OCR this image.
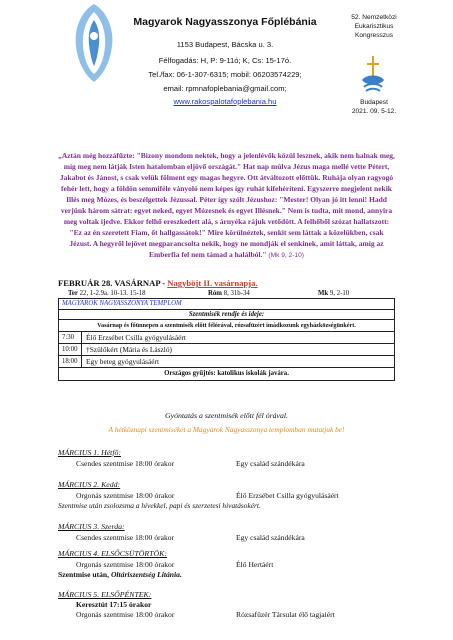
Magyarok Nagyasszonya Főplébánia
1153 Budapest, Bácska u. 3.
Félfogadás: H, P: 9-11ó; K, Cs: 15-17ó.
Tel./fax: 06-1-307-6315; mobil: 06203574229;
email: rpmnafoplebania@gmail.com;
www.rakospalotafoplebania.hu
52. Nemzetközi
Eukarisztikus
Kongresszus
Budapest
2021. 09. 5-12.
„Aztán még hozzáfűzte: "Bizony mondom nektek, hogy a jelenlévők közül lesznek, akik nem halnak meg, míg meg nem látják Isten hatalomban eljövő országát." Hat nap múlva Jézus maga mellé vette Pétert, Jakabot és Jánost, s csak velük fölment egy magas hegyre. Ott átváltozott előttük. Ruhája olyan ragyogó fehér lett, hogy a földön semmiféle ványoló nem képes így ruhát kifehéríteni. Egyszerre megjelent nekik Illés meg Mózes, és beszélgettek Jézussal. Péter így szólt Jézushoz: "Mester! Olyan jó itt lenni! Hadd verjünk három sátrat: egyet neked, egyet Mózesnek és egyet Illésnek." Nem is tudta, mit mond, annyira meg voltak ijedve. Ekkor felhő ereszkedett alá, s árnyéka rájuk vetődött. A felhőből szózat hallatszott: "Ez az én szeretett Fiam, őt hallgassátok!" Mire körülnéztek, senkit sem láttak a közelükben, csak Jézust. A hegyről lejövet megparancsolta nekik, hogy ne mondják el senkinek, amit láttak, amíg az Emberfia fel nem támad a halálból." (Mk 9, 2-10)
FEBRUÁR 28. VASÁRNAP - Nagyböjt II. vasárnapja.
Ter 22, 1-2.9a. 10-13. 15-18	Róm 8, 31b-34	Mk 9, 2-10
MAGYAROK NAGYASSZONYA TEMPLOM
Szentmisék rendje és ideje:
Vasárnap és főünnepen a szentmisék előtt félórával, rózsafüzért imádkozunk egyházközségünkért.
7:30	Élő Erzsébet Csilla gyógyulásáért
10:00	†Szülőkért (Mária és László)
18:00	Egy beteg gyógyulásáért
Országos gyűjtés: katolikus iskolák javára.
Gyóntatás a szentmisék előtt fél órával.
A hétköznapi szentmiséket a Magyarok Nagyasszonya templomban mutatjuk be!
MÁRCIUS 1. Hétfő:
Csendes szentmise 18:00 órakor	Egy család szándékára
MÁRCIUS 2. Kedd:
Orgonás szentmise 18:00 órakor	Élő Erzsébet Csilla gyógyulásáért
Szentmise után zsolozsma a hívekkel, papi és szerzetesi hivatásokért.
MÁRCIUS 3. Szerda:
Csendes szentmise 18:00 órakor	Egy család szándékára
MÁRCIUS 4. ELSŐCSÜTÖRTÖK:
Orgonás szentmise 18:00 órakor	Élő Hertáért
Szentmise után, Oltáriszentség Litánia.
MÁRCIUS 5. ELSŐPÉNTEK:
Keresztút 17:15 órakor
Orgonás szentmise 18:00 órakor	Rózsafüzér Társulat élő tagjaiért
